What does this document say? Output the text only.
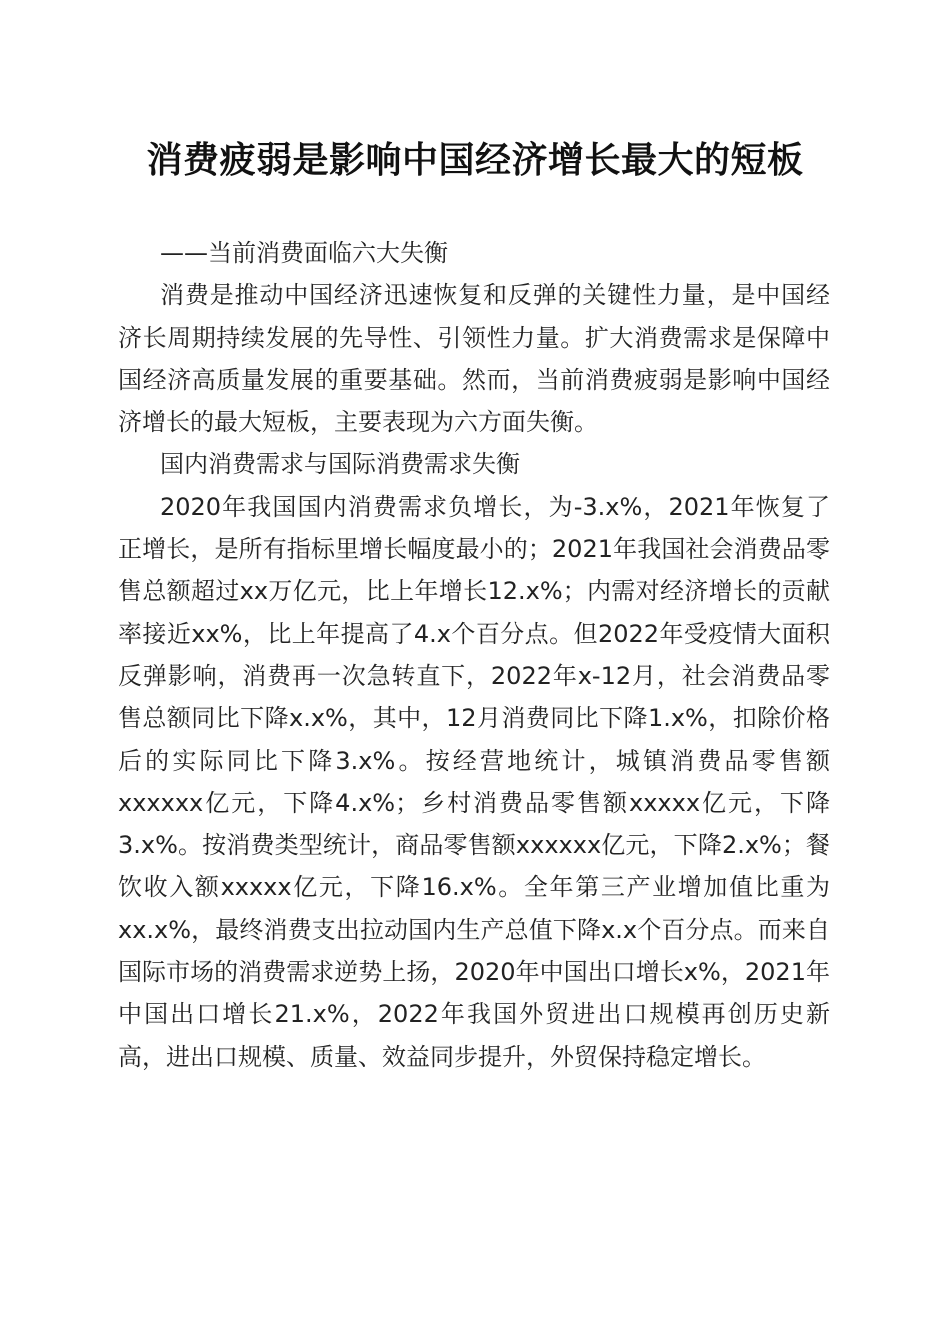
消费疲弱是影响中国经济增长最大的短板

——当前消费面临六大失衡

消费是推动中国经济迅速恢复和反弹的关键性力量，是中国经济长周期持续发展的先导性、引领性力量。扩大消费需求是保障中国经济高质量发展的重要基础。然而，当前消费疲弱是影响中国经济增长的最大短板，主要表现为六方面失衡。

国内消费需求与国际消费需求失衡

2020年我国国内消费需求负增长，为-3.x%，2021年恢复了正增长，是所有指标里增长幅度最小的；2021年我国社会消费品零售总额超过xx万亿元，比上年增长12.x%；内需对经济增长的贡献率接近xx%，比上年提高了4.x个百分点。但2022年受疫情大面积反弹影响，消费再一次急转直下，2022年x-12月，社会消费品零售总额同比下降x.x%，其中，12月消费同比下降1.x%，扣除价格后的实际同比下降3.x%。按经营地统计，城镇消费品零售额xxxxxx亿元，下降4.x%；乡村消费品零售额xxxxx亿元，下降3.x%。按消费类型统计，商品零售额xxxxxx亿元，下降2.x%；餐饮收入额xxxxx亿元，下降16.x%。全年第三产业增加值比重为xx.x%，最终消费支出拉动国内生产总值下降x.x个百分点。而来自国际市场的消费需求逆势上扬，2020年中国出口增长x%，2021年中国出口增长21.x%，2022年我国外贸进出口规模再创历史新高，进出口规模、质量、效益同步提升，外贸保持稳定增长。
